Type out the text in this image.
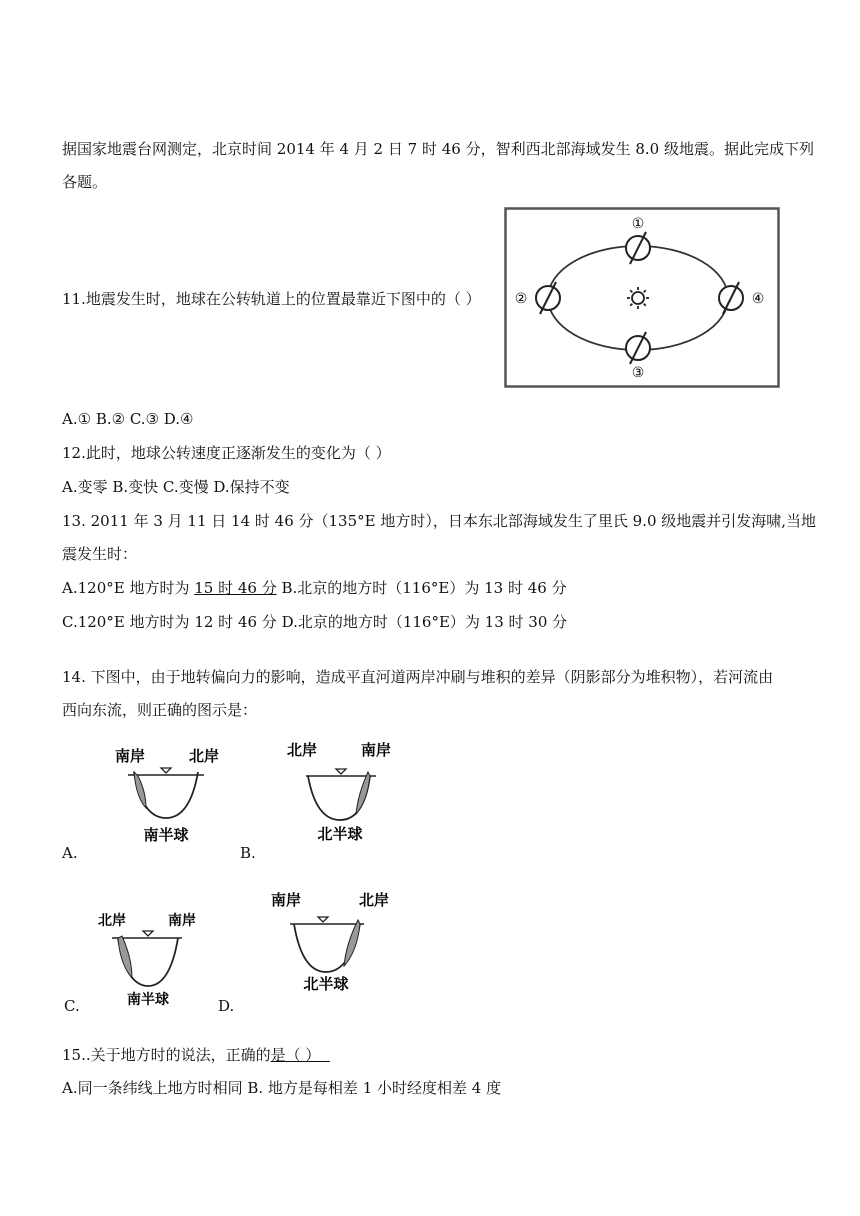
据国家地震台网测定，北京时间 2014 年 4 月 2 日 7 时 46 分，智利西北部海域发生 8.0 级地震。据此完成下列
各题。
11.地震发生时，地球在公转轨道上的位置最靠近下图中的（ ）
①
②
③
④
A.① B.② C.③ D.④
12.此时，地球公转速度正逐渐发生的变化为（ ）
A.变零 B.变快 C.变慢 D.保持不变
13. 2011 年 3 月 11 日 14 时 46 分（135°E 地方时），日本东北部海域发生了里氏 9.0 级地震并引发海啸,当地
震发生时：
A.120°E 地方时为 15 时 46 分 B.北京的地方时（116°E）为 13 时 46 分
C.120°E 地方时为 12 时 46 分 D.北京的地方时（116°E）为 13 时 30 分
14. 下图中，由于地转偏向力的影响，造成平直河道两岸冲刷与堆积的差异（阴影部分为堆积物），若河流由
西向东流，则正确的图示是：
南岸	北岸
南半球
A.
北岸	南岸
北半球
B.
北岸	南岸
南半球
C.
南岸	北岸
北半球
D.
15..关于地方时的说法，正确的是（ ）
A.同一条纬线上地方时相同 B. 地方是每相差 1 小时经度相差 4 度
